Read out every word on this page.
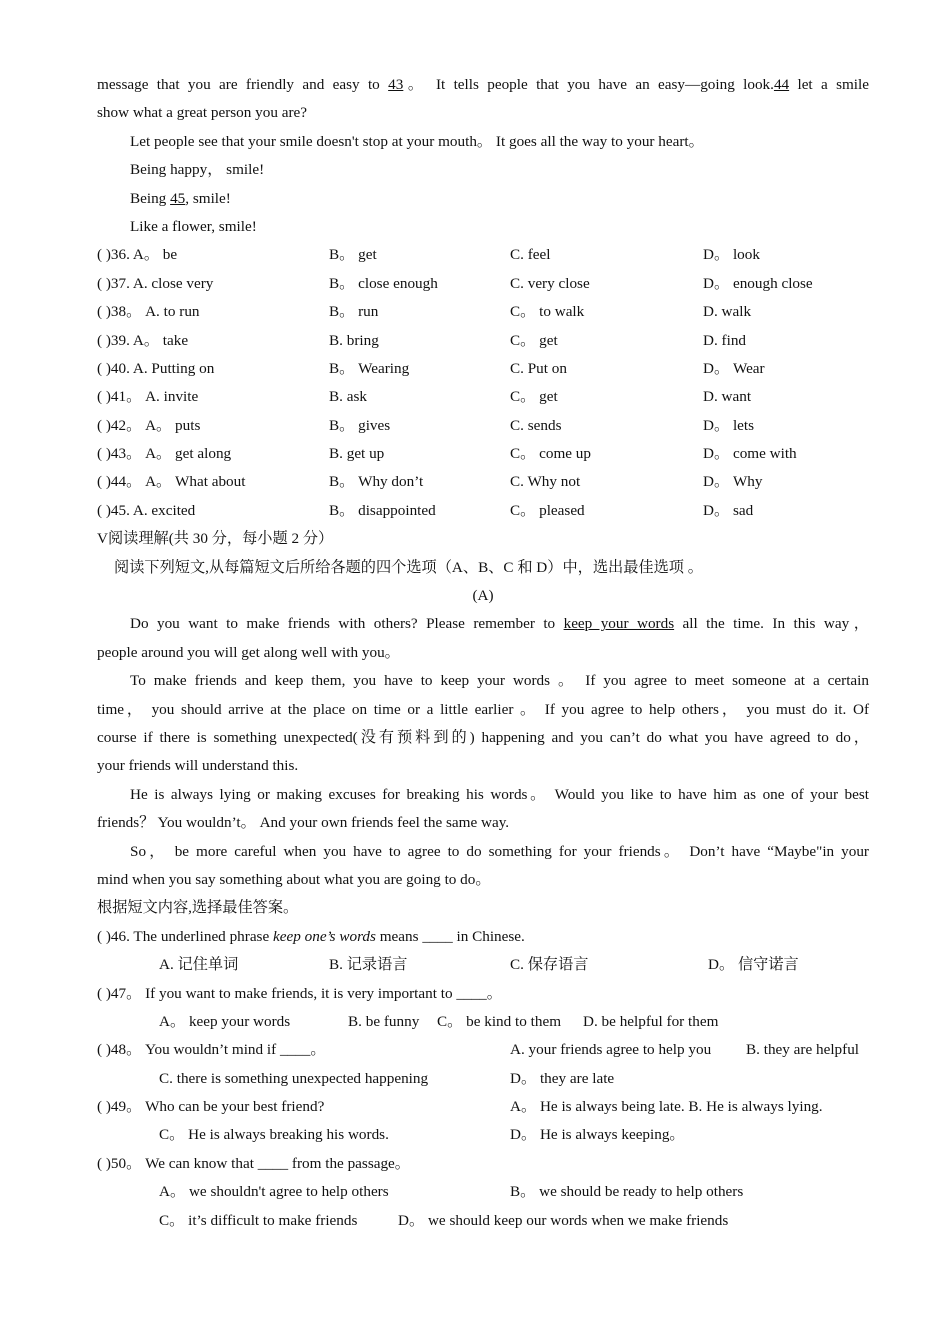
message that you are friendly and easy to 43。 It tells people that you have an easy—going look.44 let a smile
show what a great person you are?
Let people see that your smile doesn't stop at your mouth。 It goes all the way to your heart。
Being happy， smile!
Being 45, smile!
Like a flower, smile!
( )36. A。 be	B。 get	C. feel	D。 look
( )37. A. close very	B。 close enough	C. very close	D。 enough close
( )38。 A. to run	B。 run	C。 to walk	D. walk
( )39. A。 take	B. bring	C。 get	D. find
( )40. A. Putting on	B。 Wearing	C. Put on	D。 Wear
( )41。 A. invite	B. ask	C。 get	D. want
( )42。 A。 puts	B。 gives	C. sends	D。 lets
( )43。 A。 get along	B. get up	C。 come up	D。 come with
( )44。 A。 What about	B。 Why don’t	C. Why not	D。 Why
( )45. A. excited	B。 disappointed	C。 pleased	D。 sad
V阅读理解(共 30 分，每小题 2 分）
阅读下列短文,从每篇短文后所给各题的四个选项（A、B、C 和 D）中，选出最佳选项 。
(A)
Do you want to make friends with others? Please remember to keep your words all the time. In this way，
people around you will get along well with you。
To make friends and keep them, you have to keep your words 。 If you agree to meet someone at a certain
time， you should arrive at the place on time or a little earlier 。 If you agree to help others， you must do it. Of
course if there is something unexpected(没有预料到的) happening and you can’t do what you have agreed to do，
your friends will understand this.
He is always lying or making excuses for breaking his words。 Would you like to have him as one of your best
friends？ You wouldn’t。 And your own friends feel the same way.
So， be more careful when you have to agree to do something for your friends。 Don’t have “Maybe"in your
mind when you say something about what you are going to do。
根据短文内容,选择最佳答案。
( )46. The underlined phrase keep one’s words means ____ in Chinese.
A. 记住单词	B. 记录语言	C. 保存语言	D。 信守诺言
( )47。 If you want to make friends, it is very important to ____。
A。 keep your words	B. be funny C。 be kind to them D. be helpful for them
( )48。 You wouldn’t mind if ____。	A. your friends agree to help you B. they are helpful
C. there is something unexpected happening	D。 they are late
( )49。 Who can be your best friend?	A。 He is always being late. B. He is always lying.
C。 He is always breaking his words.	D。 He is always keeping。
( )50。 We can know that ____ from the passage。
A。 we shouldn't agree to help others	B。 we should be ready to help others
C。 it’s difficult to make friends	D。 we should keep our words when we make friends
